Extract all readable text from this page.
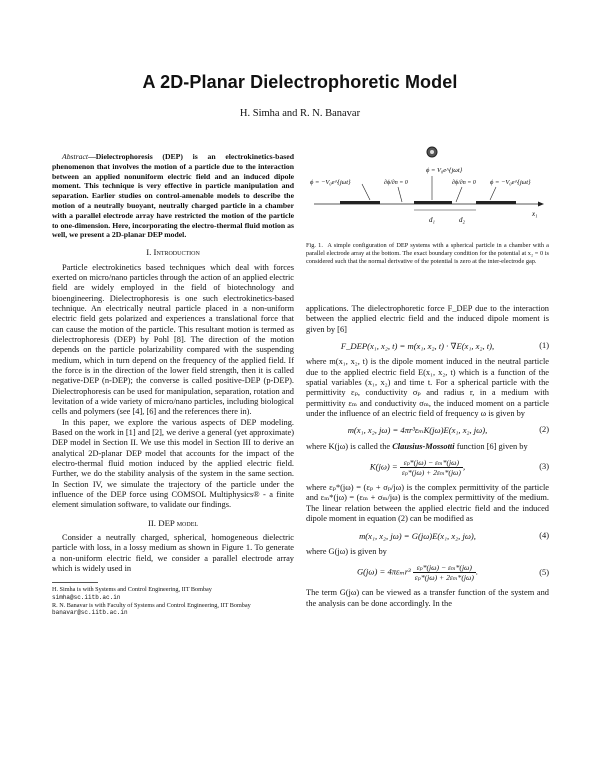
A 2D-Planar Dielectrophoretic Model
H. Simha and R. N. Banavar

Abstract—Dielectrophoresis (DEP) is an electrokinetics-based phenomenon that involves the motion of a particle due to the interaction between an applied nonuniform electric field and an induced dipole moment. This technique is very effective in particle manipulation and separation. Earlier studies on control-amenable models to describe the motion of a neutrally buoyant, neutrally charged particle in a chamber with a parallel electrode array have restricted the motion of the particle to one-dimension. Here, incorporating the electro-thermal fluid motion as well, we present a 2D-planar DEP model.

I. Introduction

Particle electrokinetics based techniques which deal with forces exerted on micro/nano particles through the action of an applied electric field are widely employed in the field of biotechnology and bioengineering. Dielectrophoresis is one such electrokinetics-based technique. An electrically neutral particle placed in a non-uniform electric field gets polarized and experiences a translational force that can cause the motion of the particle. This resultant motion is termed as dielectrophoresis (DEP) by Pohl [8]. The direction of the motion depends on the particle polarizability compared with the suspending medium, which in turn depend on the frequency of the applied field. If the force is in the direction of the lower field strength, then it is called negative-DEP (n-DEP); the converse is called positive-DEP (p-DEP). Dielectrophoresis can be used for manipulation, separation, rotation and levitation of a wide variety of micro/nano particles, including biological cells and polymers (see [4], [6] and the references there in).

In this paper, we explore the various aspects of DEP modeling. Based on the work in [1] and [2], we derive a general (yet approximate) DEP model in Section II. We use this model in Section III to derive an analytical 2D-planar DEP model that accounts for the impact of the electro-thermal fluid motion induced by the applied electric field. Further, we do the stability analysis of the system in the same section. In Section IV, we simulate the trajectory of the particle under the influence of the DEP force using COMSOL Multiphysics® - a finite element simulation software, to validate our findings.

II. DEP model

Consider a neutrally charged, spherical, homogeneous dielectric particle with loss, in a lossy medium as shown in Figure 1. To generate a non-uniform electric field, we consider a parallel electrode array which is widely used in

H. Simha is with Systems and Control Engineering, IIT Bombay
simha@sc.iitb.ac.in

R. N. Banavar is with Faculty of Systems and Control Engineering, IIT Bombay banavar@sc.iitb.ac.in

ϕ = V₀e^{jωt}
ϕ = −V₀e^{jωt}	ϕ = −V₀e^{jωt}
∂ϕ/∂n = 0	∂ϕ/∂n = 0
x₁
d₁	d₂
Fig. 1. A simple configuration of DEP systems with a spherical particle in a chamber with a parallel electrode array at the bottom. The exact boundary condition for the potential at x₂ = 0 is considered such that the normal derivative of the potential is zero at the inter-electrode gap.

applications. The dielectrophoretic force F_DEP due to the interaction between the applied electric field and the induced dipole moment is given by [6]

F_DEP(x₁, x₂, t) = m(x₁, x₂, t) · ∇E(x₁, x₂, t),	(1)

where m(x₁, x₂, t) is the dipole moment induced in the neutral particle due to the applied electric field E(x₁, x₂, t) which is a function of the spatial variables (x₁, x₂) and time t. For a spherical particle with the permittivity εₚ, conductivity σₚ and radius r, in a medium with permittivity εₘ and conductivity σₘ, the induced moment on a particle under the influence of an electric field of frequency ω is given by

m(x₁, x₂, jω) = 4πr³εₘK(jω)E(x₁, x₂, jω),	(2)

where K(jω) is called the Clausius-Mossotti function [6] given by

$K(j\omega) = \frac{\text{εₚ*(jω) − εₘ*(jω)}}{\text{εₚ*(jω) + 2εₘ*(jω)}}$ ,	(3)

where εₚ*(jω) = (εₚ + σₚ/jω) is the complex permittivity of the particle and εₘ*(jω) = (εₘ + σₘ/jω) is the complex permittivity of the medium. The linear relation between the applied electric field and the induced dipole moment in equation (2) can be modified as

m(x₁, x₂, jω) = G(jω)E(x₁, x₂, jω),	(4)

where G(jω) is given by

$G(j\omega) = 4\pi\varepsilon_mr^3 \frac{\text{εₚ*(jω) − εₘ*(jω)}}{\text{εₚ*(jω) + 2εₘ*(jω)}}$ .	(5)

The term G(jω) can be viewed as a transfer function of the system and the analysis can be done accordingly. In the
